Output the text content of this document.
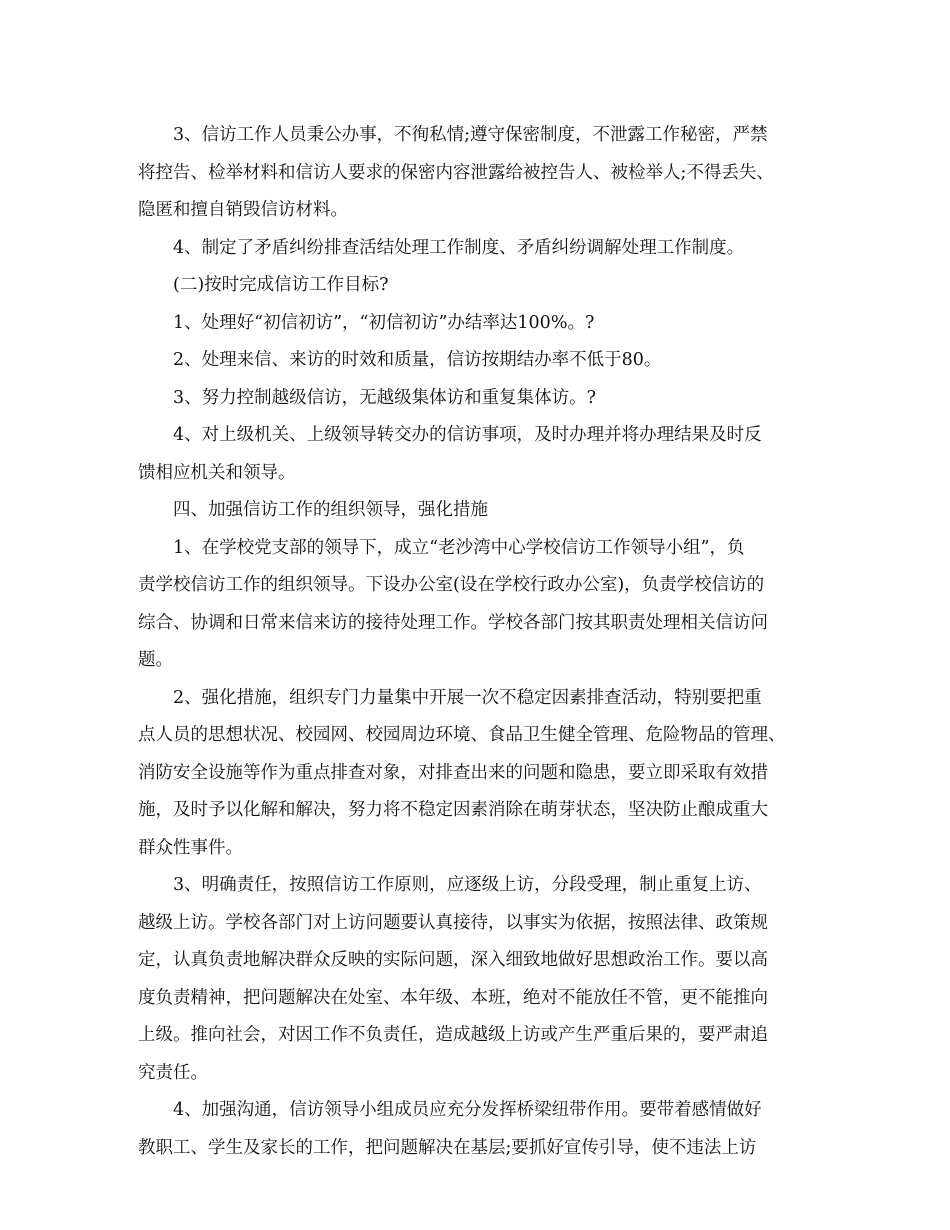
3、信访工作人员秉公办事，不徇私情;遵守保密制度，不泄露工作秘密，严禁
将控告、检举材料和信访人要求的保密内容泄露给被控告人、被检举人;不得丢失、
隐匿和擅自销毁信访材料。
4、制定了矛盾纠纷排查活结处理工作制度、矛盾纠纷调解处理工作制度。
(二)按时完成信访工作目标?
1、处理好“初信初访”，“初信初访”办结率达100%。?
2、处理来信、来访的时效和质量，信访按期结办率不低于80。
3、努力控制越级信访，无越级集体访和重复集体访。?
4、对上级机关、上级领导转交办的信访事项，及时办理并将办理结果及时反
馈相应机关和领导。
四、加强信访工作的组织领导，强化措施
1、在学校党支部的领导下，成立“老沙湾中心学校信访工作领导小组”，负
责学校信访工作的组织领导。下设办公室(设在学校行政办公室)，负责学校信访的
综合、协调和日常来信来访的接待处理工作。学校各部门按其职责处理相关信访问
题。
2、强化措施，组织专门力量集中开展一次不稳定因素排查活动，特别要把重
点人员的思想状况、校园网、校园周边环境、食品卫生健全管理、危险物品的管理、
消防安全设施等作为重点排查对象，对排查出来的问题和隐患，要立即采取有效措
施，及时予以化解和解决，努力将不稳定因素消除在萌芽状态，坚决防止酿成重大
群众性事件。
3、明确责任，按照信访工作原则，应逐级上访，分段受理，制止重复上访、
越级上访。学校各部门对上访问题要认真接待，以事实为依据，按照法律、政策规
定，认真负责地解决群众反映的实际问题，深入细致地做好思想政治工作。要以高
度负责精神，把问题解决在处室、本年级、本班，绝对不能放任不管，更不能推向
上级。推向社会，对因工作不负责任，造成越级上访或产生严重后果的，要严肃追
究责任。
4、加强沟通，信访领导小组成员应充分发挥桥梁纽带作用。要带着感情做好
教职工、学生及家长的工作，把问题解决在基层;要抓好宣传引导，使不违法上访
